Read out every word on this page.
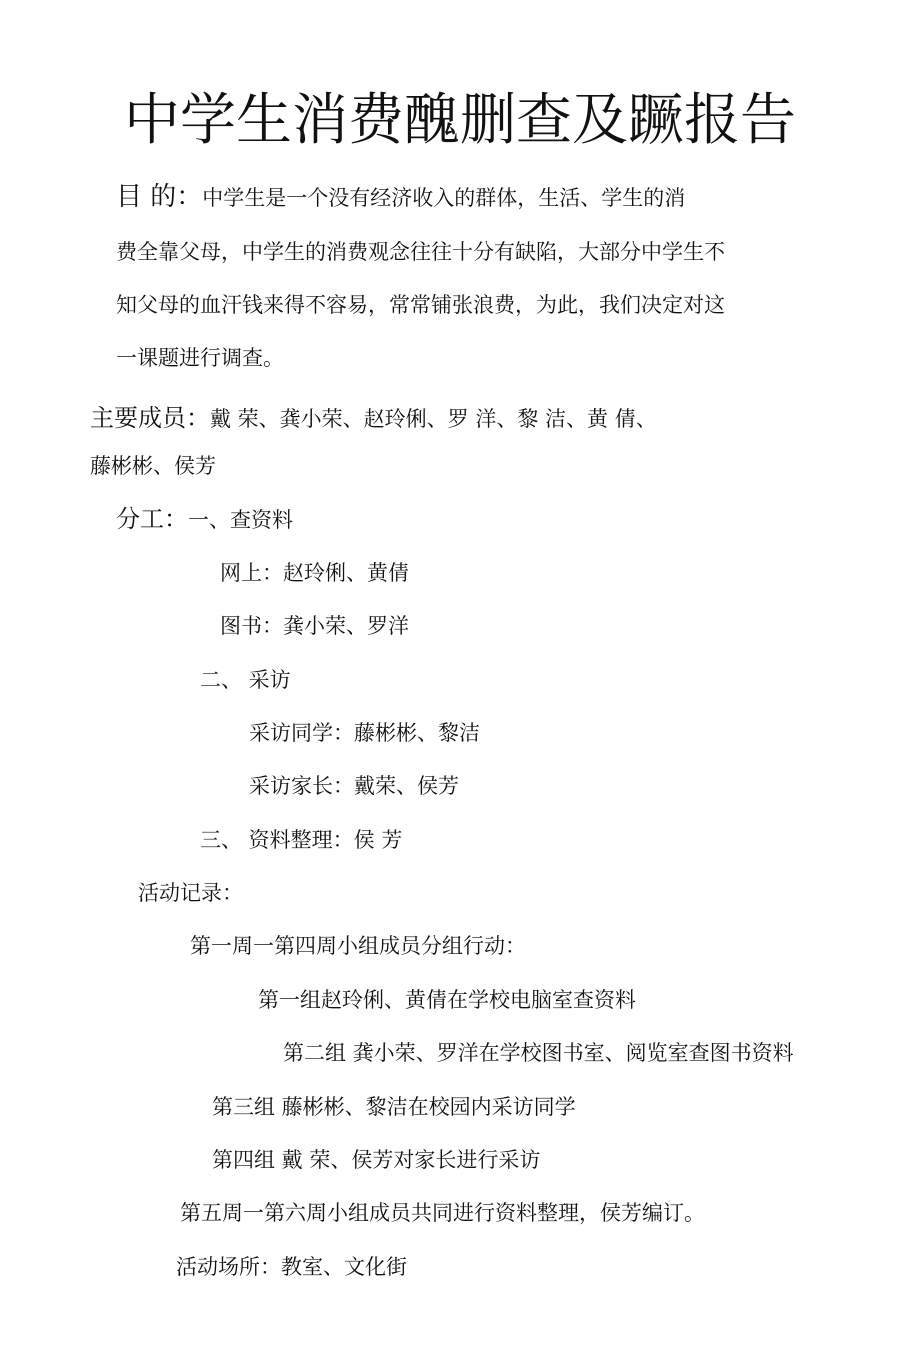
中学生消费醜删查及蹶报告
目 的：中学生是一个没有经济收入的群体，生活、学生的消
费全靠父母，中学生的消费观念往往十分有缺陷，大部分中学生不
知父母的血汗钱来得不容易，常常铺张浪费，为此，我们决定对这
一课题进行调查。
主要成员：戴 荣、龚小荣、赵玲俐、罗 洋、黎 洁、黄 倩、
藤彬彬、侯芳
分工：一、查资料
网上：赵玲俐、黄倩
图书：龚小荣、罗洋
二、 采访
采访同学：藤彬彬、黎洁
采访家长：戴荣、侯芳
三、 资料整理：侯 芳
活动记录：
第一周一第四周小组成员分组行动：
第一组赵玲俐、黄倩在学校电脑室查资料
第二组 龚小荣、罗洋在学校图书室、阅览室查图书资料
第三组 藤彬彬、黎洁在校园内采访同学
第四组 戴 荣、侯芳对家长进行采访
第五周一第六周小组成员共同进行资料整理，侯芳编订。
活动场所：教室、文化街
